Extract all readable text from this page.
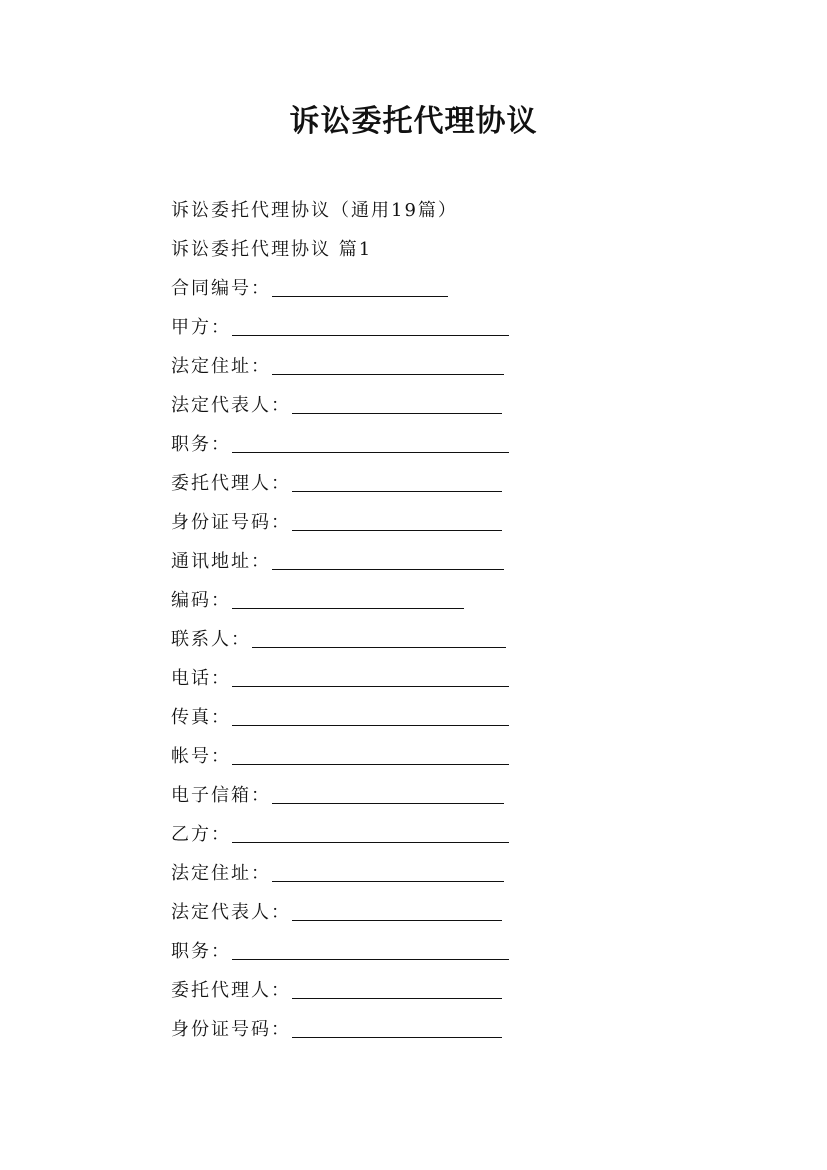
诉讼委托代理协议
诉讼委托代理协议（通用19篇）
诉讼委托代理协议 篇1
合同编号：
甲方：
法定住址：
法定代表人：
职务：
委托代理人：
身份证号码：
通讯地址：
编码：
联系人：
电话：
传真：
帐号：
电子信箱：
乙方：
法定住址：
法定代表人：
职务：
委托代理人：
身份证号码：
